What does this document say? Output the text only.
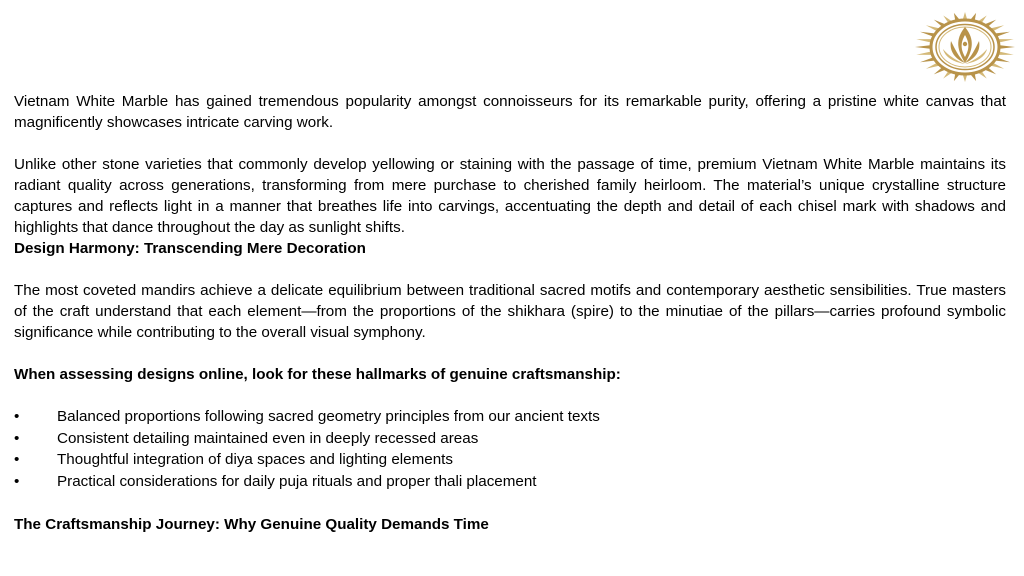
Vietnam White Marble has gained tremendous popularity amongst connoisseurs for its remarkable purity, offering a pristine white canvas that magnificently showcases intricate carving work.

Unlike other stone varieties that commonly develop yellowing or staining with the passage of time, premium Vietnam White Marble maintains its radiant quality across generations, transforming from mere purchase to cherished family heirloom. The material’s unique crystalline structure captures and reflects light in a manner that breathes life into carvings, accentuating the depth and detail of each chisel mark with shadows and highlights that dance throughout the day as sunlight shifts.

Design Harmony: Transcending Mere Decoration

The most coveted mandirs achieve a delicate equilibrium between traditional sacred motifs and contemporary aesthetic sensibilities. True masters of the craft understand that each element—from the proportions of the shikhara (spire) to the minutiae of the pillars—carries profound symbolic significance while contributing to the overall visual symphony.

When assessing designs online, look for these hallmarks of genuine craftsmanship:

•	Balanced proportions following sacred geometry principles from our ancient texts
•	Consistent detailing maintained even in deeply recessed areas
•	Thoughtful integration of diya spaces and lighting elements
•	Practical considerations for daily puja rituals and proper thali placement

The Craftsmanship Journey: Why Genuine Quality Demands Time
